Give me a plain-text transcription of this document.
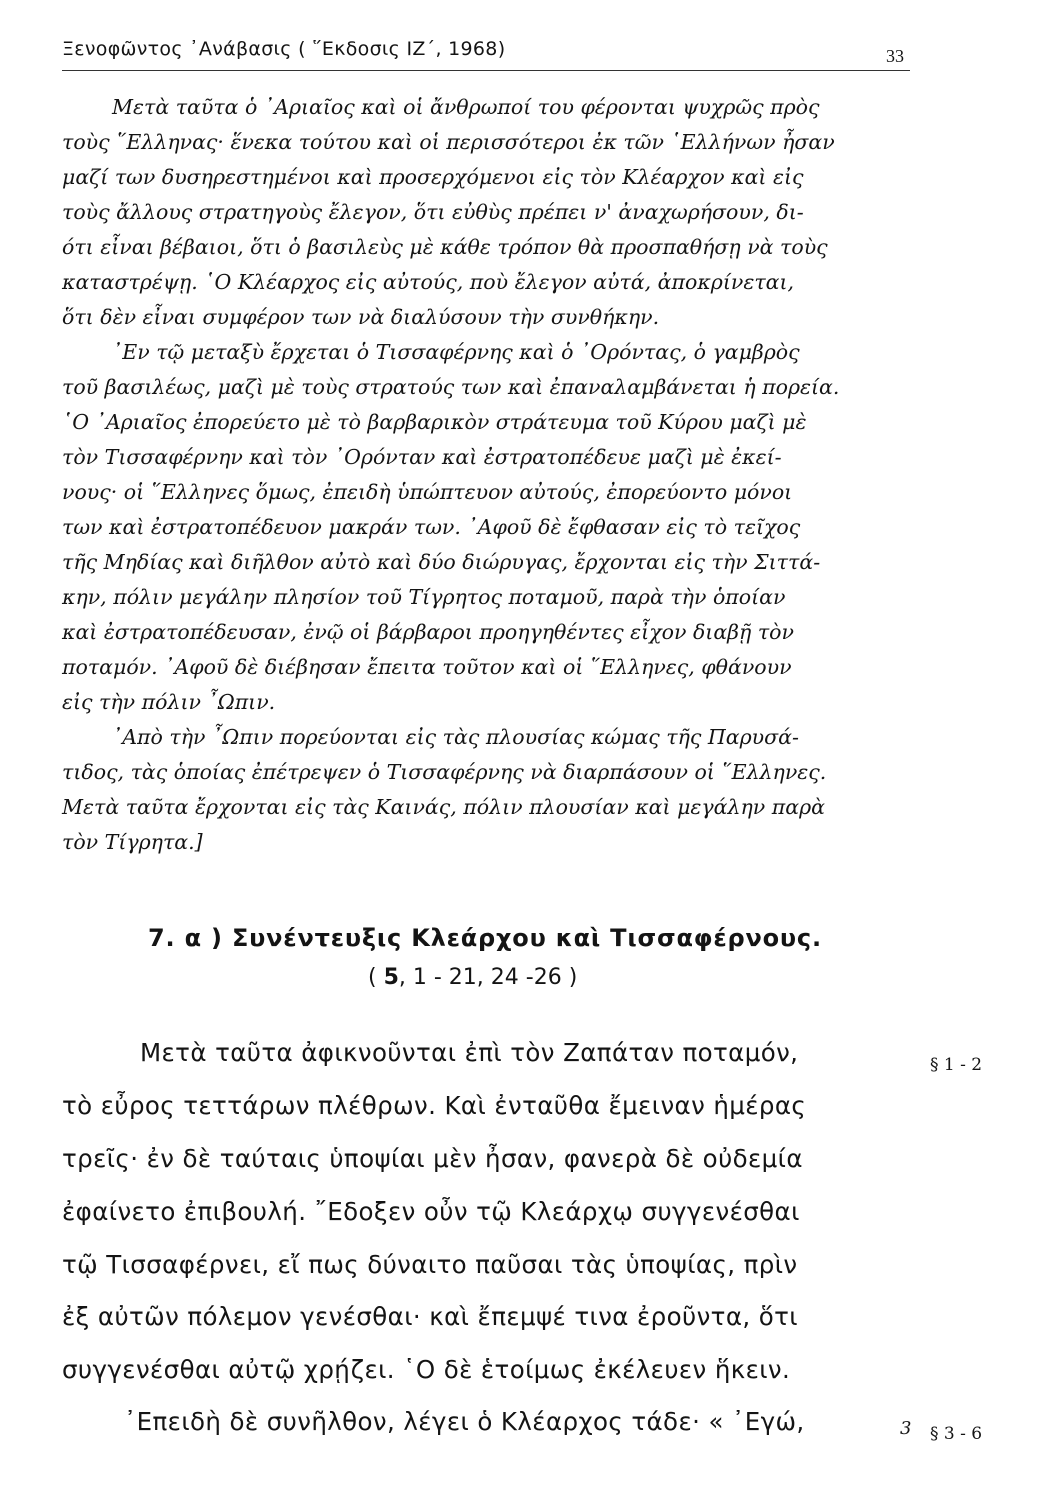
Ξενοφῶντος ᾿Ανάβασις ( ῞Εκδοσις ΙΖ΄, 1968)	33
Μετὰ ταῦτα ὁ ᾿Αριαῖος καὶ οἱ ἄνθρωποί του φέρονται ψυχρῶς πρὸς
τοὺς ῞Ελληνας· ἕνεκα τούτου καὶ οἱ περισσότεροι ἐκ τῶν ῾Ελλήνων ἦσαν
μαζί των δυσηρεστημένοι καὶ προσερχόμενοι εἰς τὸν Κλέαρχον καὶ εἰς
τοὺς ἄλλους στρατηγοὺς ἔλεγον, ὅτι εὐθὺς πρέπει ν' ἀναχωρήσουν, δι-
ότι εἶναι βέβαιοι, ὅτι ὁ βασιλεὺς μὲ κάθε τρόπον θὰ προσπαθήσῃ νὰ τοὺς
καταστρέψῃ. ῾Ο Κλέαρχος εἰς αὐτούς, ποὺ ἔλεγον αὐτά, ἀποκρίνεται,
ὅτι δὲν εἶναι συμφέρον των νὰ διαλύσουν τὴν συνθήκην.
᾿Εν τῷ μεταξὺ ἔρχεται ὁ Τισσαφέρνης καὶ ὁ ᾿Ορόντας, ὁ γαμβρὸς
τοῦ βασιλέως, μαζὶ μὲ τοὺς στρατούς των καὶ ἐπαναλαμβάνεται ἡ πορεία.
῾Ο ᾿Αριαῖος ἐπορεύετο μὲ τὸ βαρβαρικὸν στράτευμα τοῦ Κύρου μαζὶ μὲ
τὸν Τισσαφέρνην καὶ τὸν ᾿Ορόνταν καὶ ἐστρατοπέδευε μαζὶ μὲ ἐκεί-
νους· οἱ ῞Ελληνες ὅμως, ἐπειδὴ ὑπώπτευον αὐτούς, ἐπορεύοντο μόνοι
των καὶ ἐστρατοπέδευον μακράν των. ᾿Αφοῦ δὲ ἔφθασαν εἰς τὸ τεῖχος
τῆς Μηδίας καὶ διῆλθον αὐτὸ καὶ δύο διώρυγας, ἔρχονται εἰς τὴν Σιττά-
κην, πόλιν μεγάλην πλησίον τοῦ Τίγρητος ποταμοῦ, παρὰ τὴν ὁποίαν
καὶ ἐστρατοπέδευσαν, ἐνῷ οἱ βάρβαροι προηγηθέντες εἶχον διαβῇ τὸν
ποταμόν. ᾿Αφοῦ δὲ διέβησαν ἔπειτα τοῦτον καὶ οἱ ῞Ελληνες, φθάνουν
εἰς τὴν πόλιν ῏Ωπιν.
᾿Απὸ τὴν ῏Ωπιν πορεύονται εἰς τὰς πλουσίας κώμας τῆς Παρυσά-
τιδος, τὰς ὁποίας ἐπέτρεψεν ὁ Τισσαφέρνης νὰ διαρπάσουν οἱ ῞Ελληνες.
Μετὰ ταῦτα ἔρχονται εἰς τὰς Καινάς, πόλιν πλουσίαν καὶ μεγάλην παρὰ
τὸν Τίγρητα.]
7. α ) Συνέντευξις Κλεάρχου καὶ Τισσαφέρνους.
( 5, 1 - 21, 24 -26 )
Μετὰ ταῦτα ἀφικνοῦνται ἐπὶ τὸν Ζαπάταν ποταμόν,
τὸ εὖρος τεττάρων πλέθρων. Καὶ ἐνταῦθα ἔμειναν ἡμέρας
τρεῖς· ἐν δὲ ταύταις ὑποψίαι μὲν ἦσαν, φανερὰ δὲ οὐδεμία
ἐφαίνετο ἐπιβουλή. ῎Εδοξεν οὖν τῷ Κλεάρχῳ συγγενέσθαι
τῷ Τισσαφέρνει, εἴ πως δύναιτο παῦσαι τὰς ὑποψίας, πρὶν
ἐξ αὐτῶν πόλεμον γενέσθαι· καὶ ἔπεμψέ τινα ἐροῦντα, ὅτι
συγγενέσθαι αὐτῷ χρῄζει. ῾Ο δὲ ἑτοίμως ἐκέλευεν ἥκειν.
᾿Επειδὴ δὲ συνῆλθον, λέγει ὁ Κλέαρχος τάδε· « ᾿Εγώ,
§ 1 - 2
§ 3 - 6
3
